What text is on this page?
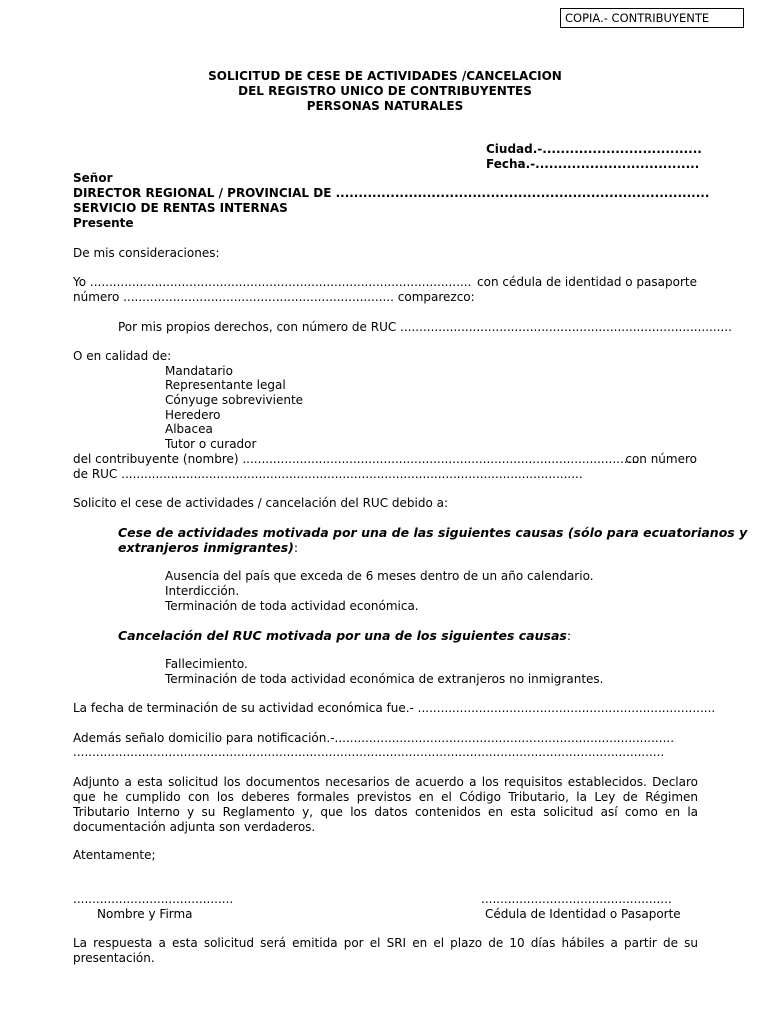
COPIA.- CONTRIBUYENTE
SOLICITUD DE CESE DE ACTIVIDADES /CANCELACION
DEL REGISTRO UNICO DE CONTRIBUYENTES
PERSONAS NATURALES
Ciudad.-...................................
Fecha.-....................................
Señor
DIRECTOR REGIONAL / PROVINCIAL DE ..................................................................................
SERVICIO DE RENTAS INTERNAS
Presente
De mis consideraciones:
Yo .................................................................................................... con cédula de identidad o pasaporte
número ....................................................................... comparezco:
Por mis propios derechos, con número de RUC .......................................................................................
O en calidad de:
Mandatario
Representante legal
Cónyuge sobreviviente
Heredero
Albacea
Tutor o curador
del contribuyente (nombre) .........................................................................................................
con número
de RUC .........................................................................................................................
Solicito el cese de actividades / cancelación del RUC debido a:
Cese de actividades motivada por una de las siguientes causas (sólo para ecuatorianos y
extranjeros inmigrantes):
Ausencia del país que exceda de 6 meses dentro de un año calendario.
Interdicción.
Terminación de toda actividad económica.
Cancelación del RUC motivada por una de los siguientes causas:
Fallecimiento.
Terminación de toda actividad económica de extranjeros no inmigrantes.
La fecha de terminación de su actividad económica fue.- ..............................................................................
Además señalo domicilio para notificación.-.........................................................................................
...........................................................................................................................................................
Adjunto a esta solicitud los documentos necesarios de acuerdo a los requisitos establecidos. Declaro que he cumplido con los deberes formales previstos en el Código Tributario, la Ley de Régimen Tributario Interno y su Reglamento y, que los datos contenidos en esta solicitud así como en la documentación adjunta son verdaderos.
Atentamente;
..........................................
Nombre y Firma
..................................................
Cédula de Identidad o Pasaporte
La respuesta a esta solicitud será emitida por el SRI en el plazo de 10 días hábiles a partir de su presentación.
